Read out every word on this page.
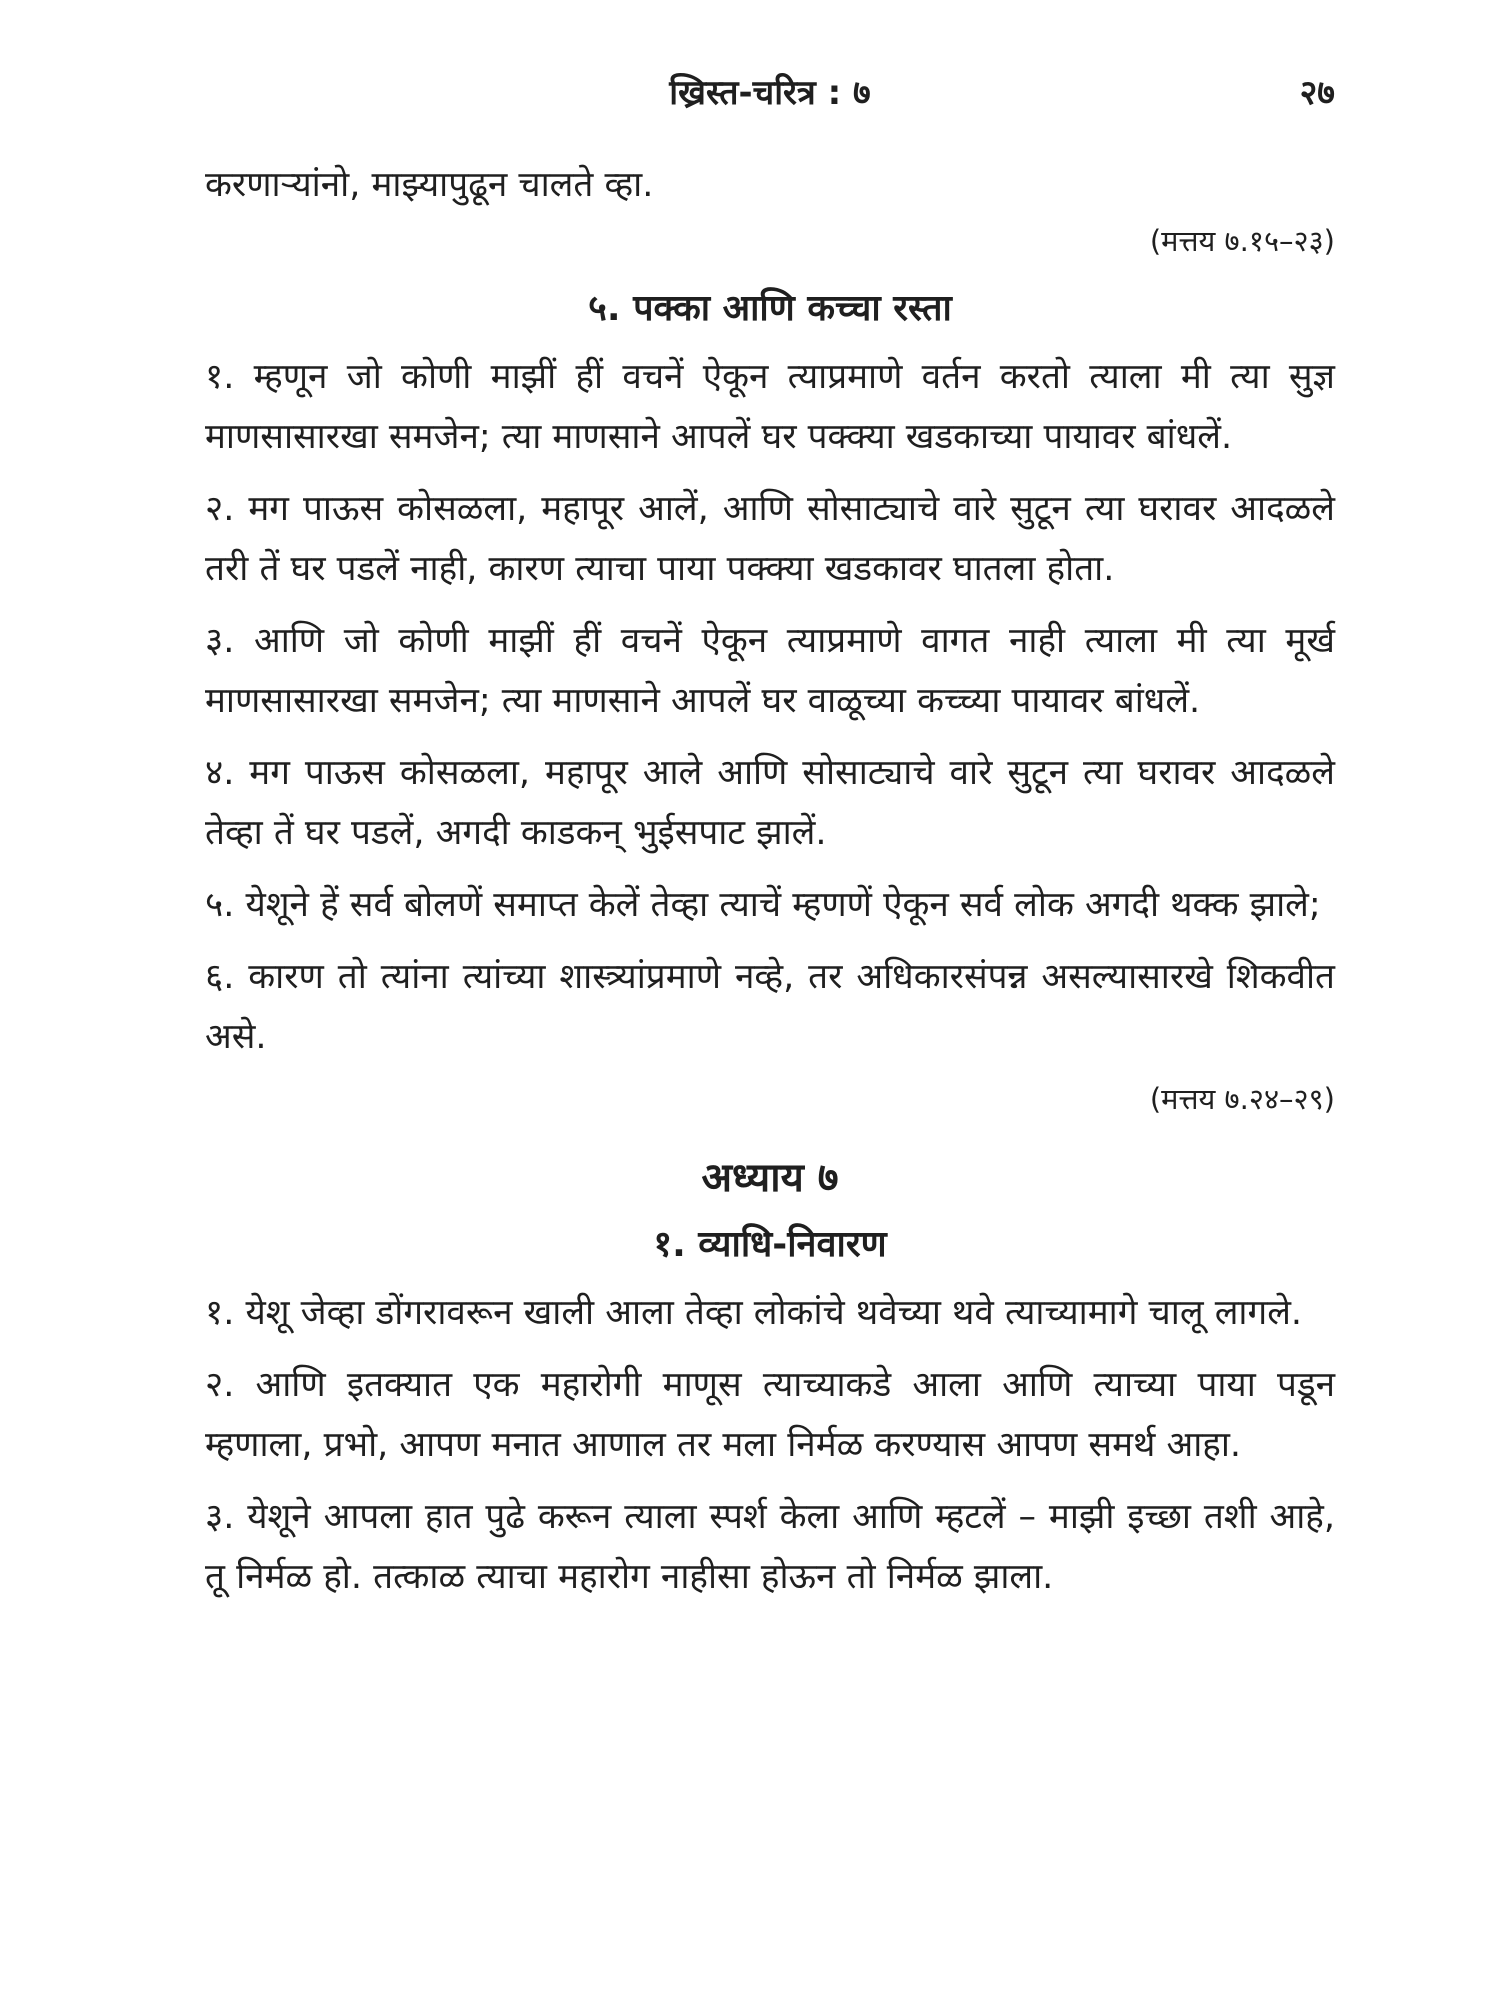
ख्रिस्त-चरित्र : ७	२७
करणाऱ्यांनो, माझ्यापुढून चालते व्हा.
(मत्तय ७.१५–२३)
५. पक्का आणि कच्चा रस्ता

१. म्हणून जो कोणी माझीं हीं वचनें ऐकून त्याप्रमाणे वर्तन करतो त्याला मी त्या सुज्ञ माणसासारखा समजेन; त्या माणसाने आपलें घर पक्क्या खडकाच्या पायावर बांधलें.

२. मग पाऊस कोसळला, महापूर आलें, आणि सोसाट्याचे वारे सुटून त्या घरावर आदळले तरी तें घर पडलें नाही, कारण त्याचा पाया पक्क्या खडकावर घातला होता.

३. आणि जो कोणी माझीं हीं वचनें ऐकून त्याप्रमाणे वागत नाही त्याला मी त्या मूर्ख माणसासारखा समजेन; त्या माणसाने आपलें घर वाळूच्या कच्च्या पायावर बांधलें.

४. मग पाऊस कोसळला, महापूर आले आणि सोसाट्याचे वारे सुटून त्या घरावर आदळले तेव्हा तें घर पडलें, अगदी काडकन् भुईसपाट झालें.

५. येशूने हें सर्व बोलणें समाप्त केलें तेव्हा त्याचें म्हणणें ऐकून सर्व लोक अगदी थक्क झाले;

६. कारण तो त्यांना त्यांच्या शास्त्र्यांप्रमाणे नव्हे, तर अधिकारसंपन्न असल्यासारखे शिकवीत असे.

(मत्तय ७.२४–२९)
अध्याय ७
१. व्याधि-निवारण

१. येशू जेव्हा डोंगरावरून खाली आला तेव्हा लोकांचे थवेच्या थवे त्याच्यामागे चालू लागले.

२. आणि इतक्यात एक महारोगी माणूस त्याच्याकडे आला आणि त्याच्या पाया पडून म्हणाला, प्रभो, आपण मनात आणाल तर मला निर्मळ करण्यास आपण समर्थ आहा.

३. येशूने आपला हात पुढे करून त्याला स्पर्श केला आणि म्हटलें – माझी इच्छा तशी आहे, तू निर्मळ हो. तत्काळ त्याचा महारोग नाहीसा होऊन तो निर्मळ झाला.
